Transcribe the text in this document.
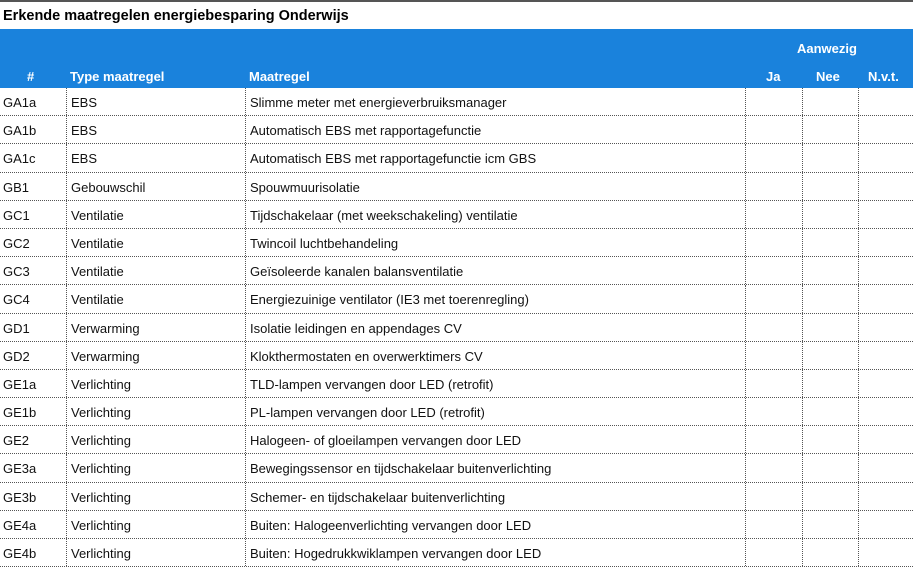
Erkende maatregelen energiebesparing Onderwijs
Aanwezig
#	Type maatregel	Maatregel	Ja	Nee N.v.t.
GA1a	EBS	Slimme meter met energieverbruiksmanager
GA1b	EBS	Automatisch EBS met rapportagefunctie
GA1c	EBS	Automatisch EBS met rapportagefunctie icm GBS
GB1	Gebouwschil	Spouwmuurisolatie
GC1	Ventilatie	Tijdschakelaar (met weekschakeling) ventilatie
GC2	Ventilatie	Twincoil luchtbehandeling
GC3	Ventilatie	Geïsoleerde kanalen balansventilatie
GC4	Ventilatie	Energiezuinige ventilator (IE3 met toerenregling)
GD1	Verwarming	Isolatie leidingen en appendages CV
GD2	Verwarming	Klokthermostaten en overwerktimers CV
GE1a	Verlichting	TLD-lampen vervangen door LED (retrofit)
GE1b	Verlichting	PL-lampen vervangen door LED (retrofit)
GE2	Verlichting	Halogeen- of gloeilampen vervangen door LED
GE3a	Verlichting	Bewegingssensor en tijdschakelaar buitenverlichting
GE3b	Verlichting	Schemer- en tijdschakelaar buitenverlichting
GE4a	Verlichting	Buiten: Halogeenverlichting vervangen door LED
GE4b	Verlichting	Buiten: Hogedrukkwiklampen vervangen door LED
